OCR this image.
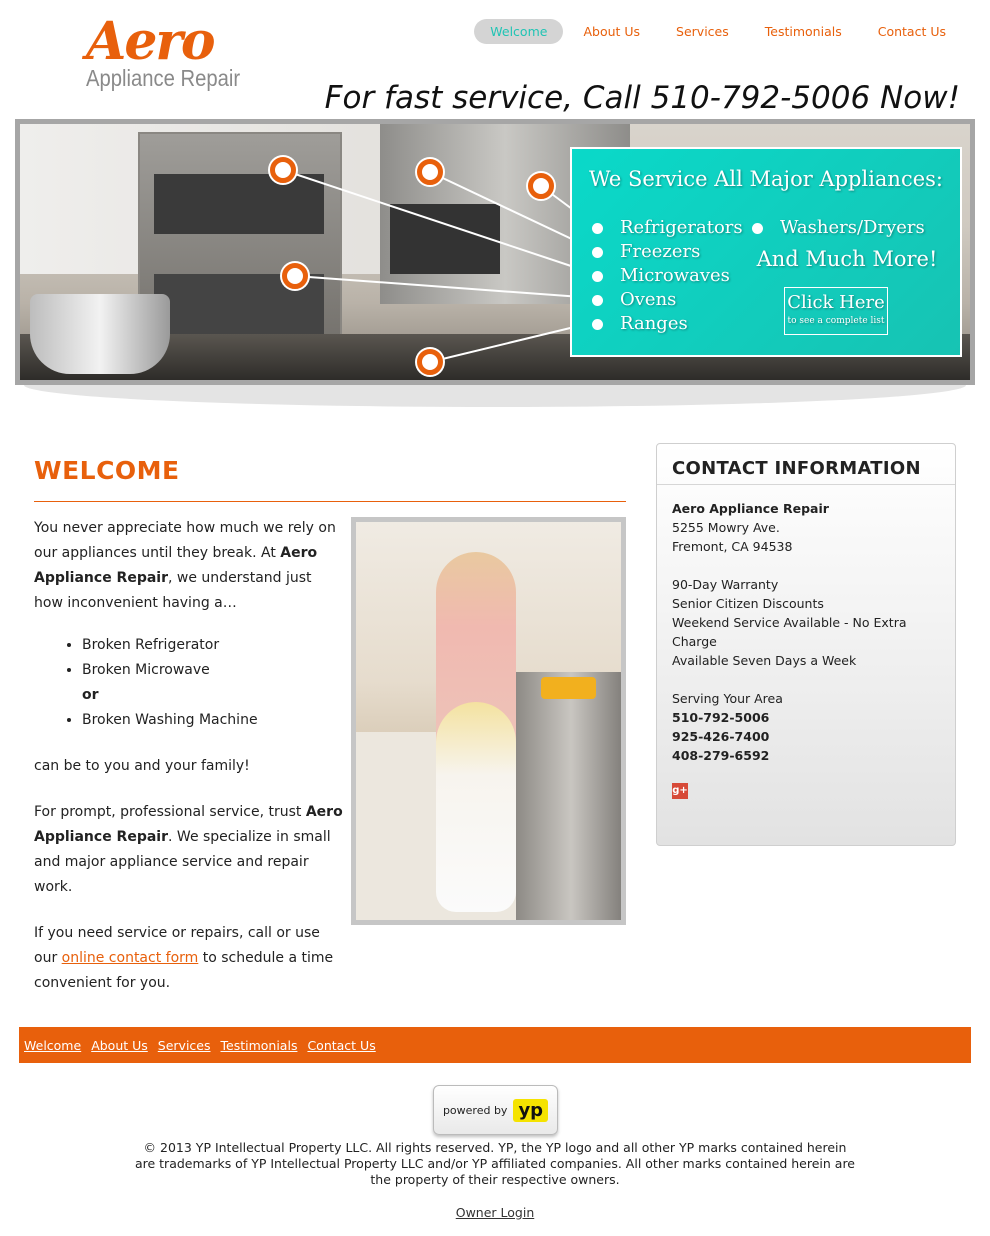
Aero
Appliance Repair
Welcome	About Us	Services	Testimonials	Contact Us
For fast service, Call 510-792-5006 Now!
We Service All Major Appliances:
Refrigerators
Freezers
Microwaves
Ovens
Ranges
Washers/Dryers
And Much More!
Click Here
to see a complete list
WELCOME

You never appreciate how much we rely on our appliances until they break. At Aero Appliance Repair, we understand just how inconvenient having a…

• Broken Refrigerator
• Broken Microwave
or
• Broken Washing Machine

can be to you and your family!

For prompt, professional service, trust Aero Appliance Repair. We specialize in small and major appliance service and repair work.

If you need service or repairs, call or use our online contact form to schedule a time convenient for you.

CONTACT INFORMATION
Aero Appliance Repair
5255 Mowry Ave.
Fremont, CA 94538
90-Day Warranty
Senior Citizen Discounts
Weekend Service Available - No Extra Charge
Available Seven Days a Week
Serving Your Area
510-792-5006
925-426-7400
408-279-6592
g+
Welcome About Us Services Testimonials Contact Us
powered by yp
© 2013 YP Intellectual Property LLC. All rights reserved. YP, the YP logo and all other YP marks contained herein are trademarks of YP Intellectual Property LLC and/or YP affiliated companies. All other marks contained herein are the property of their respective owners.
Owner Login
